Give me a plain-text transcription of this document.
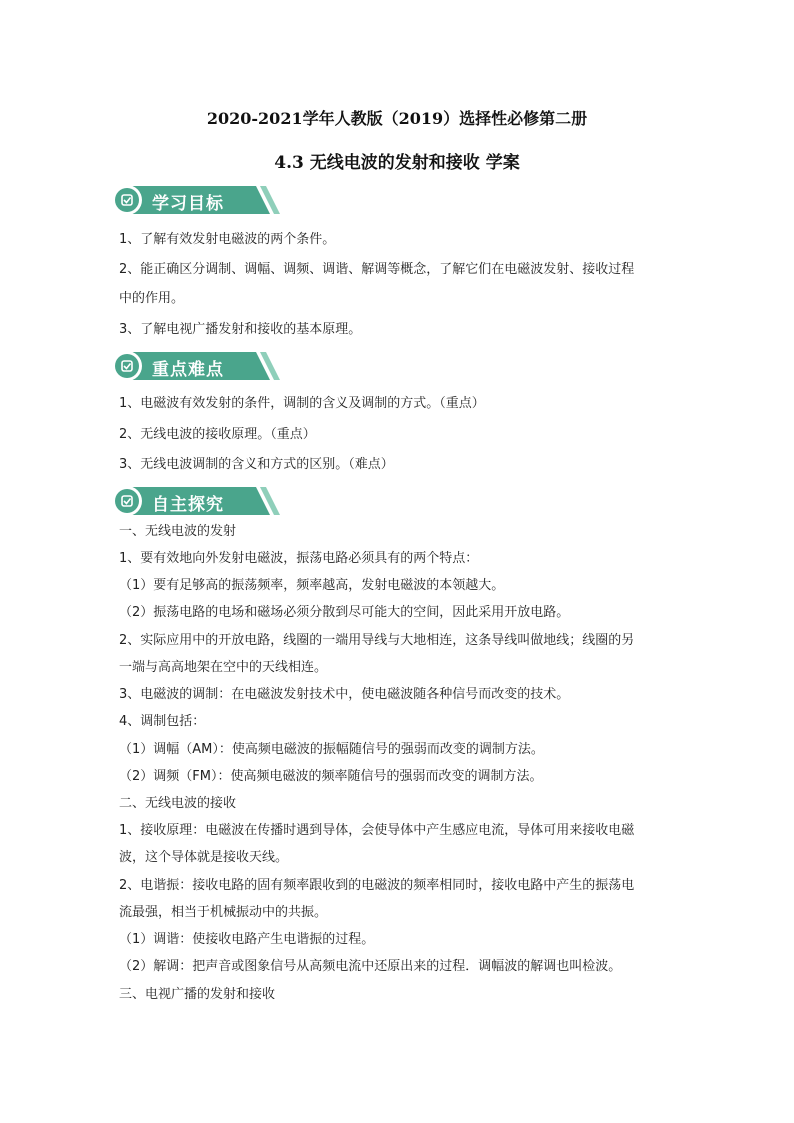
2020-2021学年人教版（2019）选择性必修第二册
4.3 无线电波的发射和接收 学案
学习目标
1、了解有效发射电磁波的两个条件。
2、能正确区分调制、调幅、调频、调谐、解调等概念，了解它们在电磁波发射、接收过程
中的作用。
3、了解电视广播发射和接收的基本原理。
重点难点
1、电磁波有效发射的条件，调制的含义及调制的方式。（重点）
2、无线电波的接收原理。（重点）
3、无线电波调制的含义和方式的区别。（难点）
自主探究
一、无线电波的发射
1、要有效地向外发射电磁波，振荡电路必须具有的两个特点：
（1）要有足够高的振荡频率，频率越高，发射电磁波的本领越大。
（2）振荡电路的电场和磁场必须分散到尽可能大的空间，因此采用开放电路。
2、实际应用中的开放电路，线圈的一端用导线与大地相连，这条导线叫做地线；线圈的另
一端与高高地架在空中的天线相连。
3、电磁波的调制：在电磁波发射技术中，使电磁波随各种信号而改变的技术。
4、调制包括：
（1）调幅（AM）：使高频电磁波的振幅随信号的强弱而改变的调制方法。
（2）调频（FM）：使高频电磁波的频率随信号的强弱而改变的调制方法。
二、无线电波的接收
1、接收原理：电磁波在传播时遇到导体，会使导体中产生感应电流，导体可用来接收电磁
波，这个导体就是接收天线。
2、电谐振：接收电路的固有频率跟收到的电磁波的频率相同时，接收电路中产生的振荡电
流最强，相当于机械振动中的共振。
（1）调谐：使接收电路产生电谐振的过程。
（2）解调：把声音或图象信号从高频电流中还原出来的过程．调幅波的解调也叫检波。
三、电视广播的发射和接收
